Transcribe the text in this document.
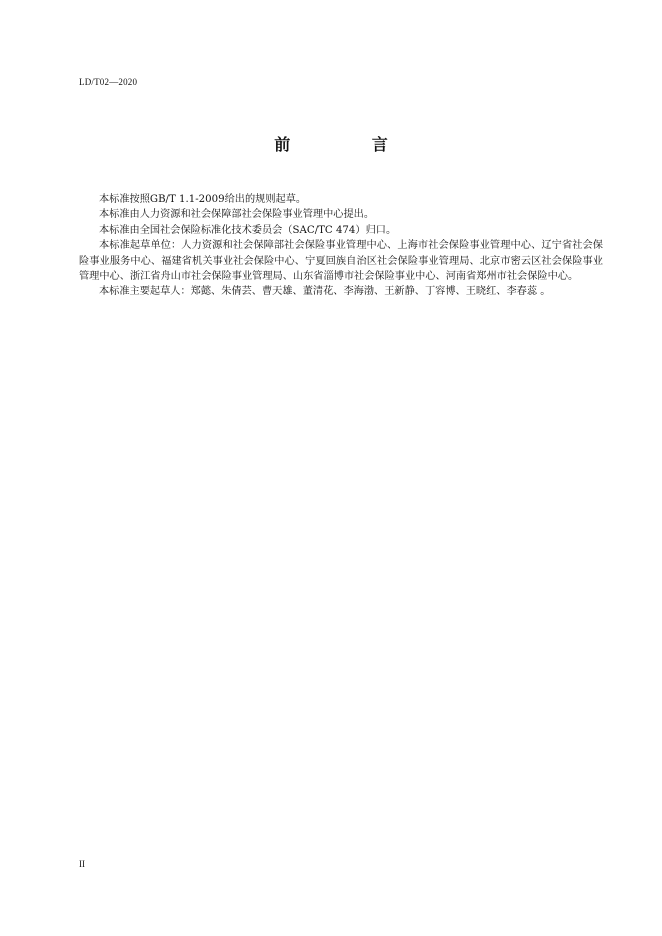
LD/T02—2020
前 言

本标准按照GB/T 1.1-2009给出的规则起草。

本标准由人力资源和社会保障部社会保险事业管理中心提出。

本标准由全国社会保险标准化技术委员会（SAC/TC 474）归口。

本标准起草单位：人力资源和社会保障部社会保险事业管理中心、上海市社会保险事业管理中心、辽宁省社会保险事业服务中心、福建省机关事业社会保险中心、宁夏回族自治区社会保险事业管理局、北京市密云区社会保险事业管理中心、浙江省舟山市社会保险事业管理局、山东省淄博市社会保险事业中心、河南省郑州市社会保险中心。

本标准主要起草人：郑懿、朱倩芸、曹天雄、董清花、李海渤、王新静、丁容博、王晓红、李春蕊 。

II
